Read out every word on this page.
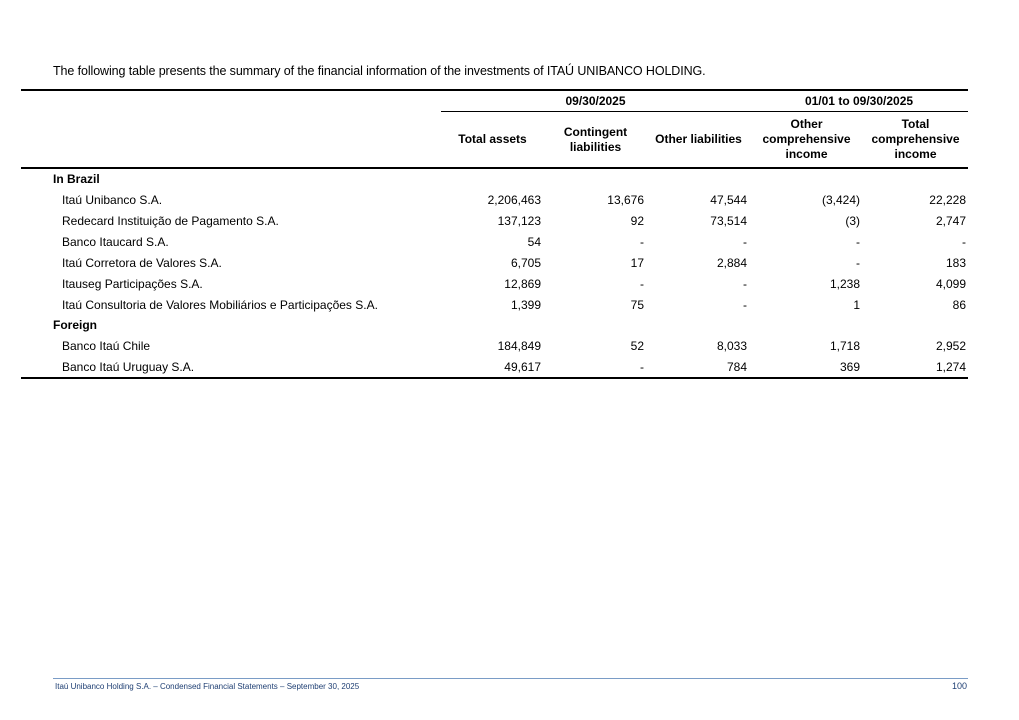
The following table presents the summary of the financial information of the investments of ITAÚ UNIBANCO HOLDING.

	09/30/2025			01/01 to 09/30/2025	
	Total assets	Contingent liabilities	Other liabilities	Other comprehensive income	Total comprehensive income
In Brazil					
Itaú Unibanco S.A.	2,206,463	13,676	47,544	(3,424)	22,228
Redecard Instituição de Pagamento S.A.	137,123	92	73,514	(3)	2,747
Banco Itaucard S.A.	54	-	-	-	-
Itaú Corretora de Valores S.A.	6,705	17	2,884	-	183
Itauseg Participações S.A.	12,869	-	-	1,238	4,099
Itaú Consultoria de Valores Mobiliários e Participações S.A.	1,399	75	-	1	86
Foreign					
Banco Itaú Chile	184,849	52	8,033	1,718	2,952
Banco Itaú Uruguay S.A.	49,617	-	784	369	1,274
Itaú Unibanco Holding S.A. – Condensed Financial Statements – September 30, 2025	100
